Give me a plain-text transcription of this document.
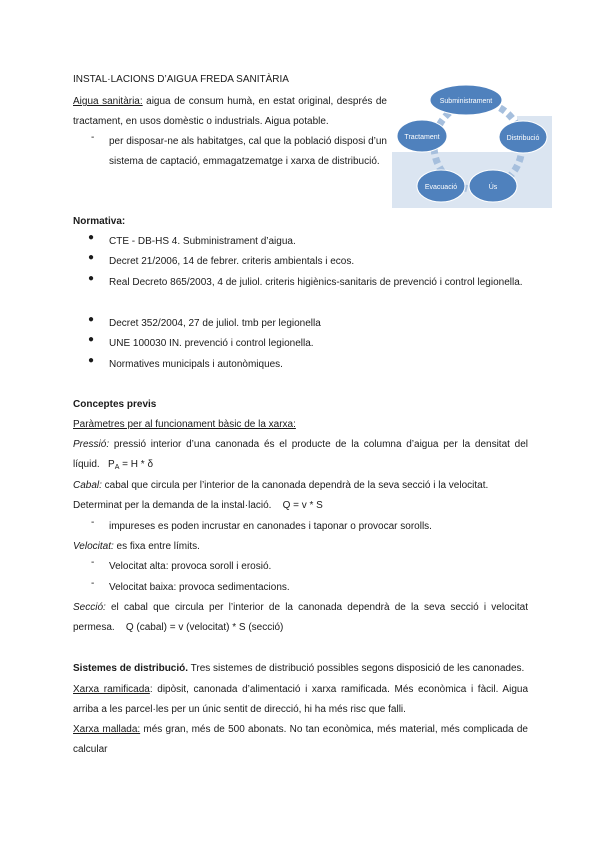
INSTAL·LACIONS D’AIGUA FREDA SANITÀRIA

Aigua sanitària: aigua de consum humà, en estat original, després de tractament, en usos domèstic o industrials. Aigua potable.

- per disposar-ne als habitatges, cal que la població disposi d’un sistema de captació, emmagatzematge i xarxa de distribució.

Subministrament
Distribució
Ús
Evacuació
Tractament

Normativa:

● CTE - DB-HS 4. Subministrament d’aigua.

● Decret 21/2006, 14 de febrer. criteris ambientals i ecos.

● Real Decreto 865/2003, 4 de juliol. criteris higiènics-sanitaris de prevenció i control legionella.

● Decret 352/2004, 27 de juliol. tmb per legionella

● UNE 100030 IN. prevenció i control legionella.

● Normatives municipals i autonòmiques.

Conceptes previs

Paràmetres per al funcionament bàsic de la xarxa:

Pressió: pressió interior d’una canonada és el producte de la columna d’aigua per la densitat del líquid. $P_A = H * \delta$

Cabal: cabal que circula per l’interior de la canonada dependrà de la seva secció i la velocitat.

Determinat per la demanda de la instal·lació. Q = v * S

- impureses es poden incrustar en canonades i taponar o provocar sorolls.

Velocitat: es fixa entre límits.

- Velocitat alta: provoca soroll i erosió.

- Velocitat baixa: provoca sedimentacions.

Secció: el cabal que circula per l’interior de la canonada dependrà de la seva secció i velocitat permesa. Q (cabal) = v (velocitat) * S (secció)

Sistemes de distribució. Tres sistemes de distribució possibles segons disposició de les canonades.

Xarxa ramificada: dipòsit, canonada d’alimentació i xarxa ramificada. Més econòmica i fàcil. Aigua arriba a les parcel·les per un únic sentit de direcció, hi ha més risc que falli.

Xarxa mallada: més gran, més de 500 abonats. No tan econòmica, més material, més complicada de calcular
